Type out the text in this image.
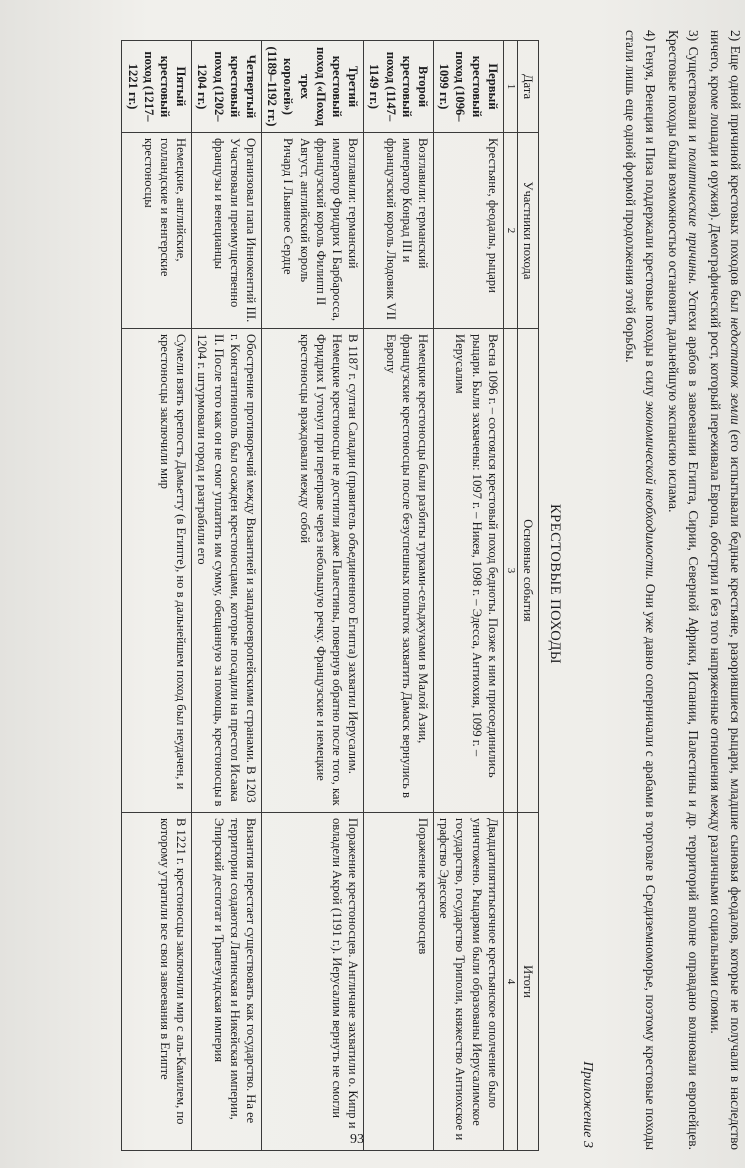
2) Еще одной причиной крестовых походов был недостаток земли (его испытывали бедные крестьяне, разорившиеся рыцари, младшие сыновья феодалов, которые не получали в наследство ничего, кроме лошади и оружия). Демографический рост, который переживала Европа, обострил и без того напряженные отношения между различными социальными слоями.
3) Существовали и политические причины. Успехи арабов в завоевании Египта, Сирии, Северной Африки, Испании, Палестины и др. территорий вполне оправдано волновали европейцев. Крестовые походы были возможностью остановить дальнейшую экспансию ислама.
4) Генуя, Венеция и Пиза поддержали крестовые походы в силу экономической необходимости. Они уже давно соперничали с арабами в торговле в Средиземноморье, поэтому крестовые походы стали лишь еще одной формой продолжения этой борьбы.
Приложение 3
КРЕСТОВЫЕ ПОХОДЫ
Дата	Участники похода	Основные события	Итоги
1	2	3	4
Первый крестовый поход (1096–1099 гг.)	Крестьяне, феодалы, рыцари	Весна 1096 г. – состоялся крестовый поход бедноты. Позже к ним присоединились рыцари. Были захвачены: 1097 г. – Никея, 1098 г. – Эдесса, Антиохия, 1099 г. – Иерусалим	Двадцатипятитысячное крестьянское ополчение было уничтожено. Рыцарями были образованы Иерусалимское государство, государство Триполи, княжество Антиохское и графство Эдесское
Второй крестовый поход (1147–1149 гг.)	Возглавили: германский император Конрад III и французский король Людовик VII	Немецкие крестоносцы были разбиты турками-сельджуками в Малой Азии, французские крестоносцы после безуспешных попыток захватить Дамаск вернулись в Европу	Поражение крестоносцев
Третий крестовый поход («Поход трех королей») (1189–1192 гг.)	Возглавили: германский император Фридрих I Барбаросса, французский король Филипп II Август, английский король Ричард I Львиное Сердце	В 1187 г. султан Саладин (правитель объединенного Египта) захватил Иерусалим. Немецкие крестоносцы не достигли даже Палестины, повернув обратно после того, как Фридрих I утонул при переправе через небольшую речку. Французские и немецкие крестоносцы враждовали между собой	Поражение крестоносцев. Англичане захватили о. Кипр и овладели Акрой (1191 г.). Иерусалим вернуть не смогли
Четвертый крестовый поход (1202–1204 гг.)	Организовал папа Иннокентий III. Участвовали преимущественно французы и венецианцы	Обострение противоречий между Византией и западноевропейскими странами. В 1203 г. Константинополь был осажден крестоносцами, которые посадили на престол Исаака II. После того как он не смог уплатить им сумму, обещанную за помощь, крестоносцы в 1204 г. штурмовали город и разграбили его	Византия перестает существовать как государство. На ее территории создаются Латинская и Никейская империи, Эпирский деспотат и Трапезундская империя
Пятый крестовый поход (1217–1221 гг.)	Немецкие, английские, голландские и венгерские крестоносцы	Сумели взять крепость Дамьетту (в Египте), но в дальнейшем поход был неудачен, и крестоносцы заключили мир	В 1221 г. крестоносцы заключили мир с аль-Камилем, по которому утратили все свои завоевания в Египте
93
